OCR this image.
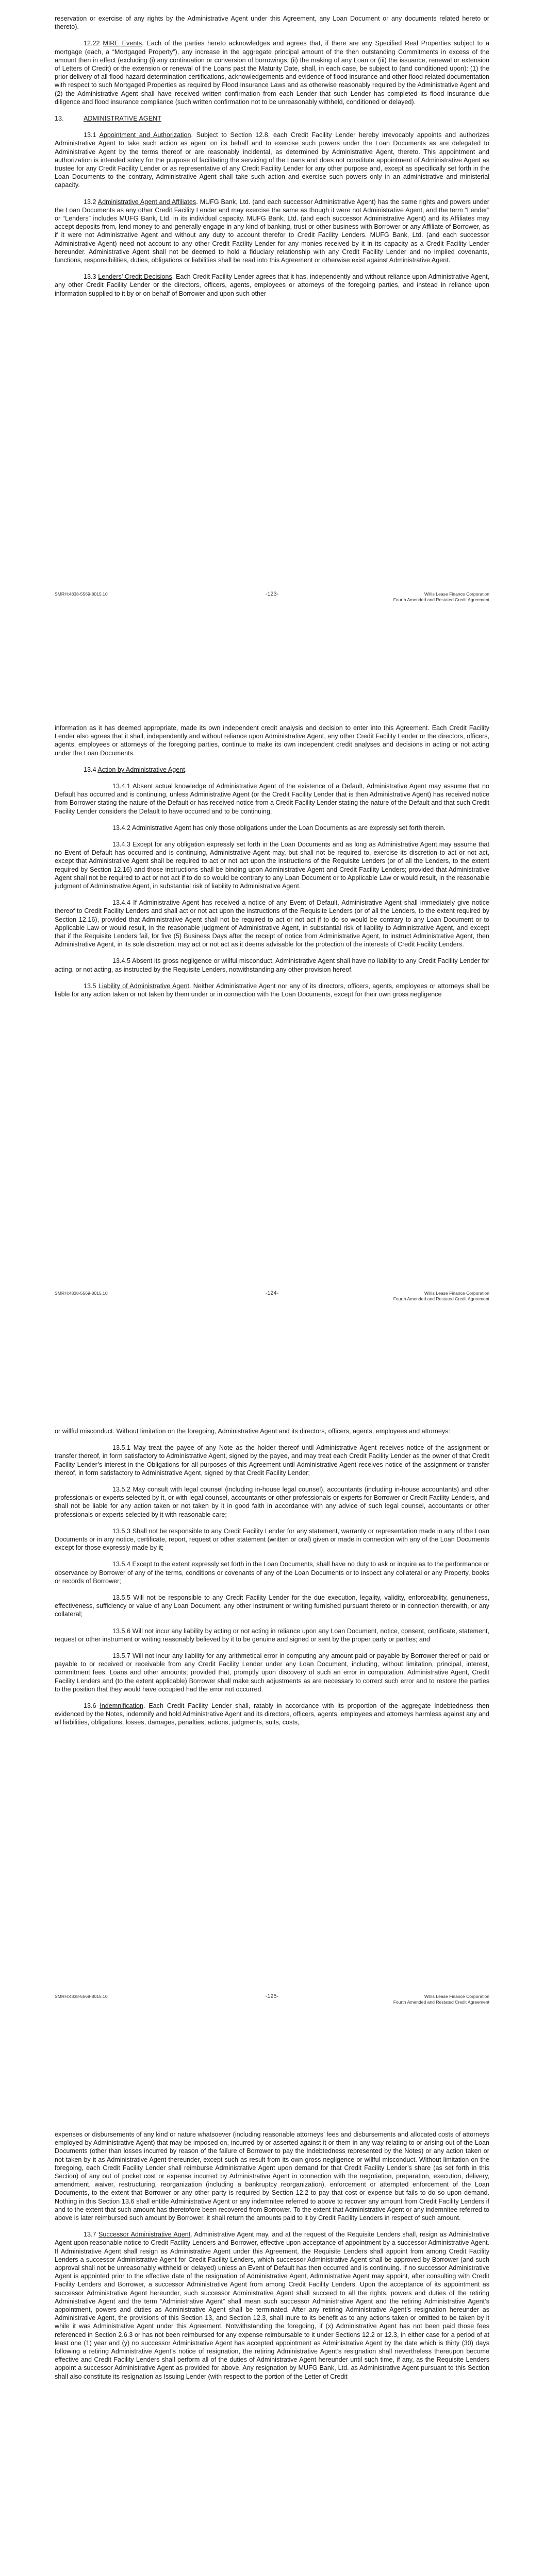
reservation or exercise of any rights by the Administrative Agent under this Agreement, any Loan Document or any documents related hereto or thereto).

12.22 MIRE Events. Each of the parties hereto acknowledges and agrees that, if there are any Specified Real Properties subject to a mortgage (each, a “Mortgaged Property”), any increase in the aggregate principal amount of the then outstanding Commitments in excess of the amount then in effect (excluding (i) any continuation or conversion of borrowings, (ii) the making of any Loan or (iii) the issuance, renewal or extension of Letters of Credit) or the extension or renewal of the Loans past the Maturity Date, shall, in each case, be subject to (and conditioned upon): (1) the prior delivery of all flood hazard determination certifications, acknowledgements and evidence of flood insurance and other flood-related documentation with respect to such Mortgaged Properties as required by Flood Insurance Laws and as otherwise reasonably required by the Administrative Agent and (2) the Administrative Agent shall have received written confirmation from each Lender that such Lender has completed its flood insurance due diligence and flood insurance compliance (such written confirmation not to be unreasonably withheld, conditioned or delayed).

13.	ADMINISTRATIVE AGENT

13.1 Appointment and Authorization. Subject to Section 12.8, each Credit Facility Lender hereby irrevocably appoints and authorizes Administrative Agent to take such action as agent on its behalf and to exercise such powers under the Loan Documents as are delegated to Administrative Agent by the terms thereof or are reasonably incidental, as determined by Administrative Agent, thereto. This appointment and authorization is intended solely for the purpose of facilitating the servicing of the Loans and does not constitute appointment of Administrative Agent as trustee for any Credit Facility Lender or as representative of any Credit Facility Lender for any other purpose and, except as specifically set forth in the Loan Documents to the contrary, Administrative Agent shall take such action and exercise such powers only in an administrative and ministerial capacity.

13.2 Administrative Agent and Affiliates. MUFG Bank, Ltd. (and each successor Administrative Agent) has the same rights and powers under the Loan Documents as any other Credit Facility Lender and may exercise the same as though it were not Administrative Agent, and the term “Lender” or “Lenders” includes MUFG Bank, Ltd. in its individual capacity. MUFG Bank, Ltd. (and each successor Administrative Agent) and its Affiliates may accept deposits from, lend money to and generally engage in any kind of banking, trust or other business with Borrower or any Affiliate of Borrower, as if it were not Administrative Agent and without any duty to account therefor to Credit Facility Lenders. MUFG Bank, Ltd. (and each successor Administrative Agent) need not account to any other Credit Facility Lender for any monies received by it in its capacity as a Credit Facility Lender hereunder. Administrative Agent shall not be deemed to hold a fiduciary relationship with any Credit Facility Lender and no implied covenants, functions, responsibilities, duties, obligations or liabilities shall be read into this Agreement or otherwise exist against Administrative Agent.

13.3 Lenders’ Credit Decisions. Each Credit Facility Lender agrees that it has, independently and without reliance upon Administrative Agent, any other Credit Facility Lender or the directors, officers, agents, employees or attorneys of the foregoing parties, and instead in reliance upon information supplied to it by or on behalf of Borrower and upon such other

SMRH:4838-5569-8015.10	-123-	Willis Lease Finance Corporation
Fourth Amended and Restated Credit Agreement

information as it has deemed appropriate, made its own independent credit analysis and decision to enter into this Agreement. Each Credit Facility Lender also agrees that it shall, independently and without reliance upon Administrative Agent, any other Credit Facility Lender or the directors, officers, agents, employees or attorneys of the foregoing parties, continue to make its own independent credit analyses and decisions in acting or not acting under the Loan Documents.

13.4 Action by Administrative Agent.

13.4.1 Absent actual knowledge of Administrative Agent of the existence of a Default, Administrative Agent may assume that no Default has occurred and is continuing, unless Administrative Agent (or the Credit Facility Lender that is then Administrative Agent) has received notice from Borrower stating the nature of the Default or has received notice from a Credit Facility Lender stating the nature of the Default and that such Credit Facility Lender considers the Default to have occurred and to be continuing.

13.4.2 Administrative Agent has only those obligations under the Loan Documents as are expressly set forth therein.

13.4.3 Except for any obligation expressly set forth in the Loan Documents and as long as Administrative Agent may assume that no Event of Default has occurred and is continuing, Administrative Agent may, but shall not be required to, exercise its discretion to act or not act, except that Administrative Agent shall be required to act or not act upon the instructions of the Requisite Lenders (or of all the Lenders, to the extent required by Section 12.16) and those instructions shall be binding upon Administrative Agent and Credit Facility Lenders; provided that Administrative Agent shall not be required to act or not act if to do so would be contrary to any Loan Document or to Applicable Law or would result, in the reasonable judgment of Administrative Agent, in substantial risk of liability to Administrative Agent.

13.4.4 If Administrative Agent has received a notice of any Event of Default, Administrative Agent shall immediately give notice thereof to Credit Facility Lenders and shall act or not act upon the instructions of the Requisite Lenders (or of all the Lenders, to the extent required by Section 12.16), provided that Administrative Agent shall not be required to act or not act if to do so would be contrary to any Loan Document or to Applicable Law or would result, in the reasonable judgment of Administrative Agent, in substantial risk of liability to Administrative Agent, and except that if the Requisite Lenders fail, for five (5) Business Days after the receipt of notice from Administrative Agent, to instruct Administrative Agent, then Administrative Agent, in its sole discretion, may act or not act as it deems advisable for the protection of the interests of Credit Facility Lenders.

13.4.5 Absent its gross negligence or willful misconduct, Administrative Agent shall have no liability to any Credit Facility Lender for acting, or not acting, as instructed by the Requisite Lenders, notwithstanding any other provision hereof.

13.5 Liability of Administrative Agent. Neither Administrative Agent nor any of its directors, officers, agents, employees or attorneys shall be liable for any action taken or not taken by them under or in connection with the Loan Documents, except for their own gross negligence

SMRH:4838-5569-8015.10	-124-	Willis Lease Finance Corporation
Fourth Amended and Restated Credit Agreement

or willful misconduct. Without limitation on the foregoing, Administrative Agent and its directors, officers, agents, employees and attorneys:

13.5.1 May treat the payee of any Note as the holder thereof until Administrative Agent receives notice of the assignment or transfer thereof, in form satisfactory to Administrative Agent, signed by the payee, and may treat each Credit Facility Lender as the owner of that Credit Facility Lender’s interest in the Obligations for all purposes of this Agreement until Administrative Agent receives notice of the assignment or transfer thereof, in form satisfactory to Administrative Agent, signed by that Credit Facility Lender;

13.5.2 May consult with legal counsel (including in-house legal counsel), accountants (including in-house accountants) and other professionals or experts selected by it, or with legal counsel, accountants or other professionals or experts for Borrower or Credit Facility Lenders, and shall not be liable for any action taken or not taken by it in good faith in accordance with any advice of such legal counsel, accountants or other professionals or experts selected by it with reasonable care;

13.5.3 Shall not be responsible to any Credit Facility Lender for any statement, warranty or representation made in any of the Loan Documents or in any notice, certificate, report, request or other statement (written or oral) given or made in connection with any of the Loan Documents except for those expressly made by it;

13.5.4 Except to the extent expressly set forth in the Loan Documents, shall have no duty to ask or inquire as to the performance or observance by Borrower of any of the terms, conditions or covenants of any of the Loan Documents or to inspect any collateral or any Property, books or records of Borrower;

13.5.5 Will not be responsible to any Credit Facility Lender for the due execution, legality, validity, enforceability, genuineness, effectiveness, sufficiency or value of any Loan Document, any other instrument or writing furnished pursuant thereto or in connection therewith, or any collateral;

13.5.6 Will not incur any liability by acting or not acting in reliance upon any Loan Document, notice, consent, certificate, statement, request or other instrument or writing reasonably believed by it to be genuine and signed or sent by the proper party or parties; and

13.5.7 Will not incur any liability for any arithmetical error in computing any amount paid or payable by Borrower thereof or paid or payable to or received or receivable from any Credit Facility Lender under any Loan Document, including, without limitation, principal, interest, commitment fees, Loans and other amounts; provided that, promptly upon discovery of such an error in computation, Administrative Agent, Credit Facility Lenders and (to the extent applicable) Borrower shall make such adjustments as are necessary to correct such error and to restore the parties to the position that they would have occupied had the error not occurred.

13.6 Indemnification. Each Credit Facility Lender shall, ratably in accordance with its proportion of the aggregate Indebtedness then evidenced by the Notes, indemnify and hold Administrative Agent and its directors, officers, agents, employees and attorneys harmless against any and all liabilities, obligations, losses, damages, penalties, actions, judgments, suits, costs,

SMRH:4838-5569-8015.10	-125-	Willis Lease Finance Corporation
Fourth Amended and Restated Credit Agreement

expenses or disbursements of any kind or nature whatsoever (including reasonable attorneys’ fees and disbursements and allocated costs of attorneys employed by Administrative Agent) that may be imposed on, incurred by or asserted against it or them in any way relating to or arising out of the Loan Documents (other than losses incurred by reason of the failure of Borrower to pay the Indebtedness represented by the Notes) or any action taken or not taken by it as Administrative Agent thereunder, except such as result from its own gross negligence or willful misconduct. Without limitation on the foregoing, each Credit Facility Lender shall reimburse Administrative Agent upon demand for that Credit Facility Lender’s share (as set forth in this Section) of any out of pocket cost or expense incurred by Administrative Agent in connection with the negotiation, preparation, execution, delivery, amendment, waiver, restructuring, reorganization (including a bankruptcy reorganization), enforcement or attempted enforcement of the Loan Documents, to the extent that Borrower or any other party is required by Section 12.2 to pay that cost or expense but fails to do so upon demand. Nothing in this Section 13.6 shall entitle Administrative Agent or any indemnitee referred to above to recover any amount from Credit Facility Lenders if and to the extent that such amount has theretofore been recovered from Borrower. To the extent that Administrative Agent or any indemnitee referred to above is later reimbursed such amount by Borrower, it shall return the amounts paid to it by Credit Facility Lenders in respect of such amount.

13.7 Successor Administrative Agent. Administrative Agent may, and at the request of the Requisite Lenders shall, resign as Administrative Agent upon reasonable notice to Credit Facility Lenders and Borrower, effective upon acceptance of appointment by a successor Administrative Agent. If Administrative Agent shall resign as Administrative Agent under this Agreement, the Requisite Lenders shall appoint from among Credit Facility Lenders a successor Administrative Agent for Credit Facility Lenders, which successor Administrative Agent shall be approved by Borrower (and such approval shall not be unreasonably withheld or delayed) unless an Event of Default has then occurred and is continuing. If no successor Administrative Agent is appointed prior to the effective date of the resignation of Administrative Agent, Administrative Agent may appoint, after consulting with Credit Facility Lenders and Borrower, a successor Administrative Agent from among Credit Facility Lenders. Upon the acceptance of its appointment as successor Administrative Agent hereunder, such successor Administrative Agent shall succeed to all the rights, powers and duties of the retiring Administrative Agent and the term “Administrative Agent” shall mean such successor Administrative Agent and the retiring Administrative Agent’s appointment, powers and duties as Administrative Agent shall be terminated. After any retiring Administrative Agent’s resignation hereunder as Administrative Agent, the provisions of this Section 13, and Section 12.3, shall inure to its benefit as to any actions taken or omitted to be taken by it while it was Administrative Agent under this Agreement. Notwithstanding the foregoing, if (x) Administrative Agent has not been paid those fees referenced in Section 2.6.3 or has not been reimbursed for any expense reimbursable to it under Sections 12.2 or 12.3, in either case for a period of at least one (1) year and (y) no successor Administrative Agent has accepted appointment as Administrative Agent by the date which is thirty (30) days following a retiring Administrative Agent’s notice of resignation, the retiring Administrative Agent’s resignation shall nevertheless thereupon become effective and Credit Facility Lenders shall perform all of the duties of Administrative Agent hereunder until such time, if any, as the Requisite Lenders appoint a successor Administrative Agent as provided for above. Any resignation by MUFG Bank, Ltd. as Administrative Agent pursuant to this Section shall also constitute its resignation as Issuing Lender (with respect to the portion of the Letter of Credit
